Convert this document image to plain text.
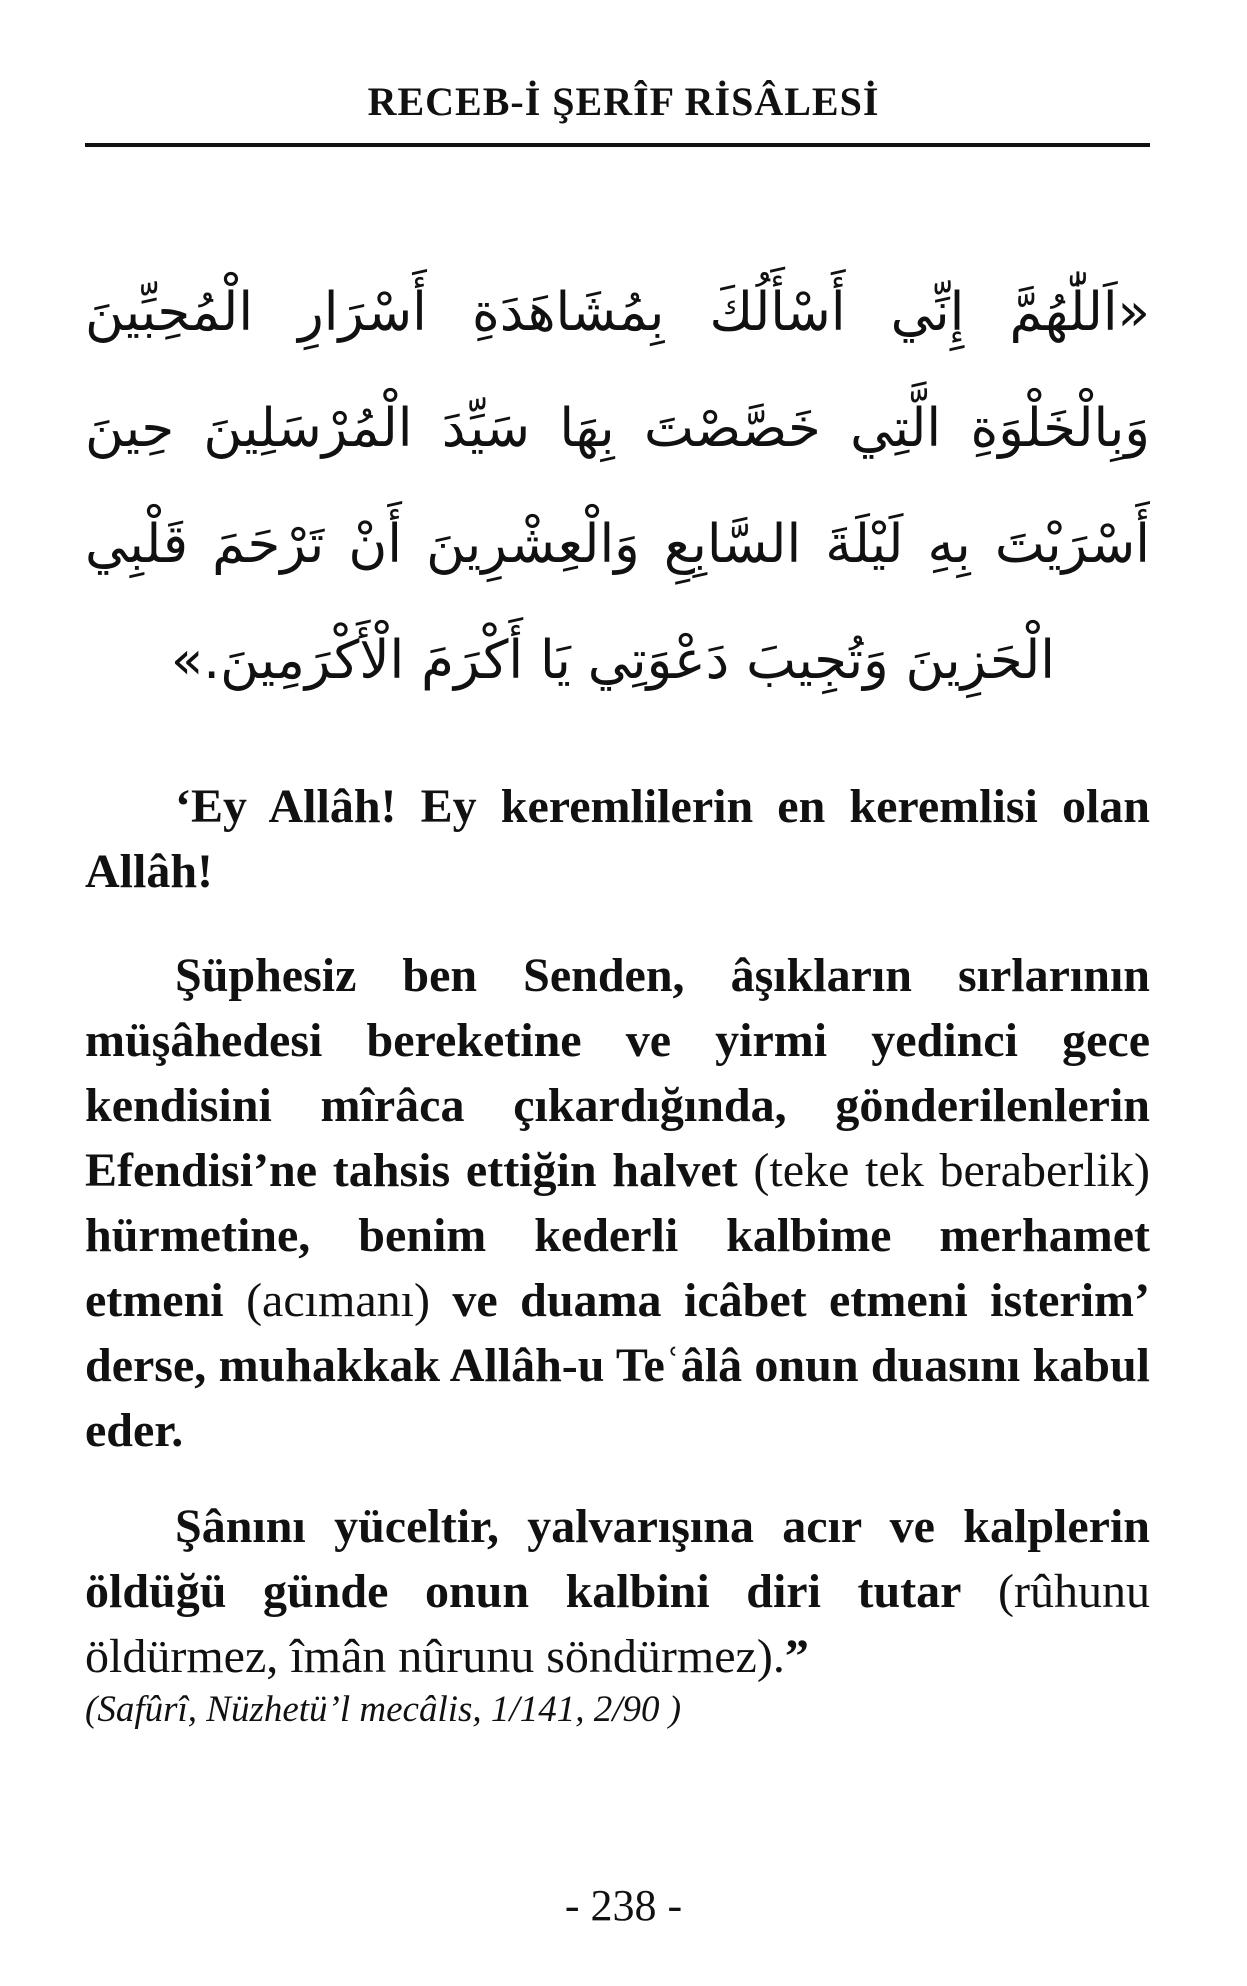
RECEB-İ ŞERÎF RİSÂLESİ
«اَللّٰهُمَّ إِنِّي أَسْأَلُكَ بِمُشَاهَدَةِ أَسْرَارِ الْمُحِبِّينَ
وَبِالْخَلْوَةِ الَّتِي خَصَّصْتَ بِهَا سَيِّدَ الْمُرْسَلِينَ حِينَ
أَسْرَيْتَ بِهِ لَيْلَةَ السَّابِعِ وَالْعِشْرِينَ أَنْ تَرْحَمَ قَلْبِي
الْحَزِينَ وَتُجِيبَ دَعْوَتِي يَا أَكْرَمَ الْأَكْرَمِينَ.»

‘Ey Allâh! Ey keremlilerin en keremlisi olan Allâh!

Şüphesiz ben Senden, âşıkların sırlarının müşâhedesi bereketine ve yirmi yedinci gece kendisini mîrâca çıkardığında, gönderilenlerin Efendisi’ne tahsis ettiğin halvet (teke tek beraberlik) hürmetine, benim kederli kalbime merhamet etmeni (acımanı) ve duama icâbet etmeni isterim’ derse, muhakkak Allâh-u Teʿâlâ onun duasını kabul eder.

Şânını yüceltir, yalvarışına acır ve kalplerin öldüğü günde onun kalbini diri tutar (rûhunu öldürmez, îmân nûrunu söndürmez).”

(Safûrî, Nüzhetü’l mecâlis, 1/141, 2/90 )
- 238 -
